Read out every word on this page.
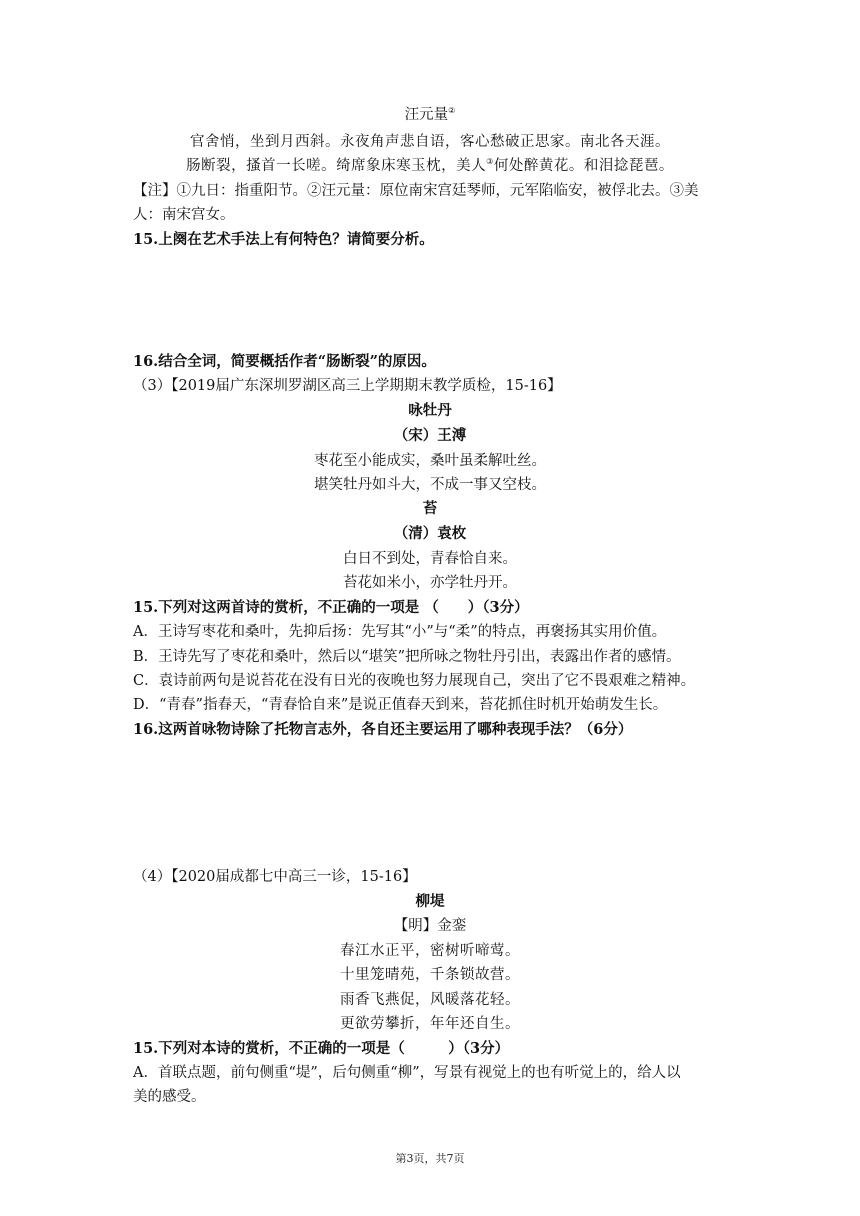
汪元量②
官舍悄，坐到月西斜。永夜角声悲自语，客心愁破正思家。南北各天涯。
肠断裂，搔首一长嗟。绮席象床寒玉枕，美人③何处醉黄花。和泪捻琵琶。
【注】①九日：指重阳节。②汪元量：原位南宋宫廷琴师，元军陷临安，被俘北去。③美
人：南宋宫女。
15.上阕在艺术手法上有何特色？请简要分析。
16.结合全词，简要概括作者“肠断裂”的原因。
（3）【2019届广东深圳罗湖区高三上学期期末教学质检，15-16】
咏牡丹
（宋）王溥
枣花至小能成实，桑叶虽柔解吐丝。
堪笑牡丹如斗大，不成一事又空枝。
苔
（清）袁枚
白日不到处，青春恰自来。
苔花如米小，亦学牡丹开。
15.下列对这两首诗的赏析，不正确的一项是 （　　）（3分）
A．王诗写枣花和桑叶，先抑后扬：先写其“小”与“柔”的特点，再褒扬其实用价值。
B．王诗先写了枣花和桑叶，然后以“堪笑”把所咏之物牡丹引出，表露出作者的感情。
C．袁诗前两句是说苔花在没有日光的夜晚也努力展现自己，突出了它不畏艰难之精神。
D．“青春”指春天，“青春恰自来”是说正值春天到来，苔花抓住时机开始萌发生长。
16.这两首咏物诗除了托物言志外，各自还主要运用了哪种表现手法？（6分）
（4）【2020届成都七中高三一诊，15-16】
柳堤
【明】金銮
春江水正平，密树听啼莺。
十里笼晴苑，千条锁故营。
雨香飞燕促，风暖落花轻。
更欲劳攀折，年年还自生。
15.下列对本诗的赏析，不正确的一项是（　　　）（3分）
A．首联点题，前句侧重“堤”，后句侧重“柳”，写景有视觉上的也有听觉上的，给人以
美的感受。
第3页，共7页
